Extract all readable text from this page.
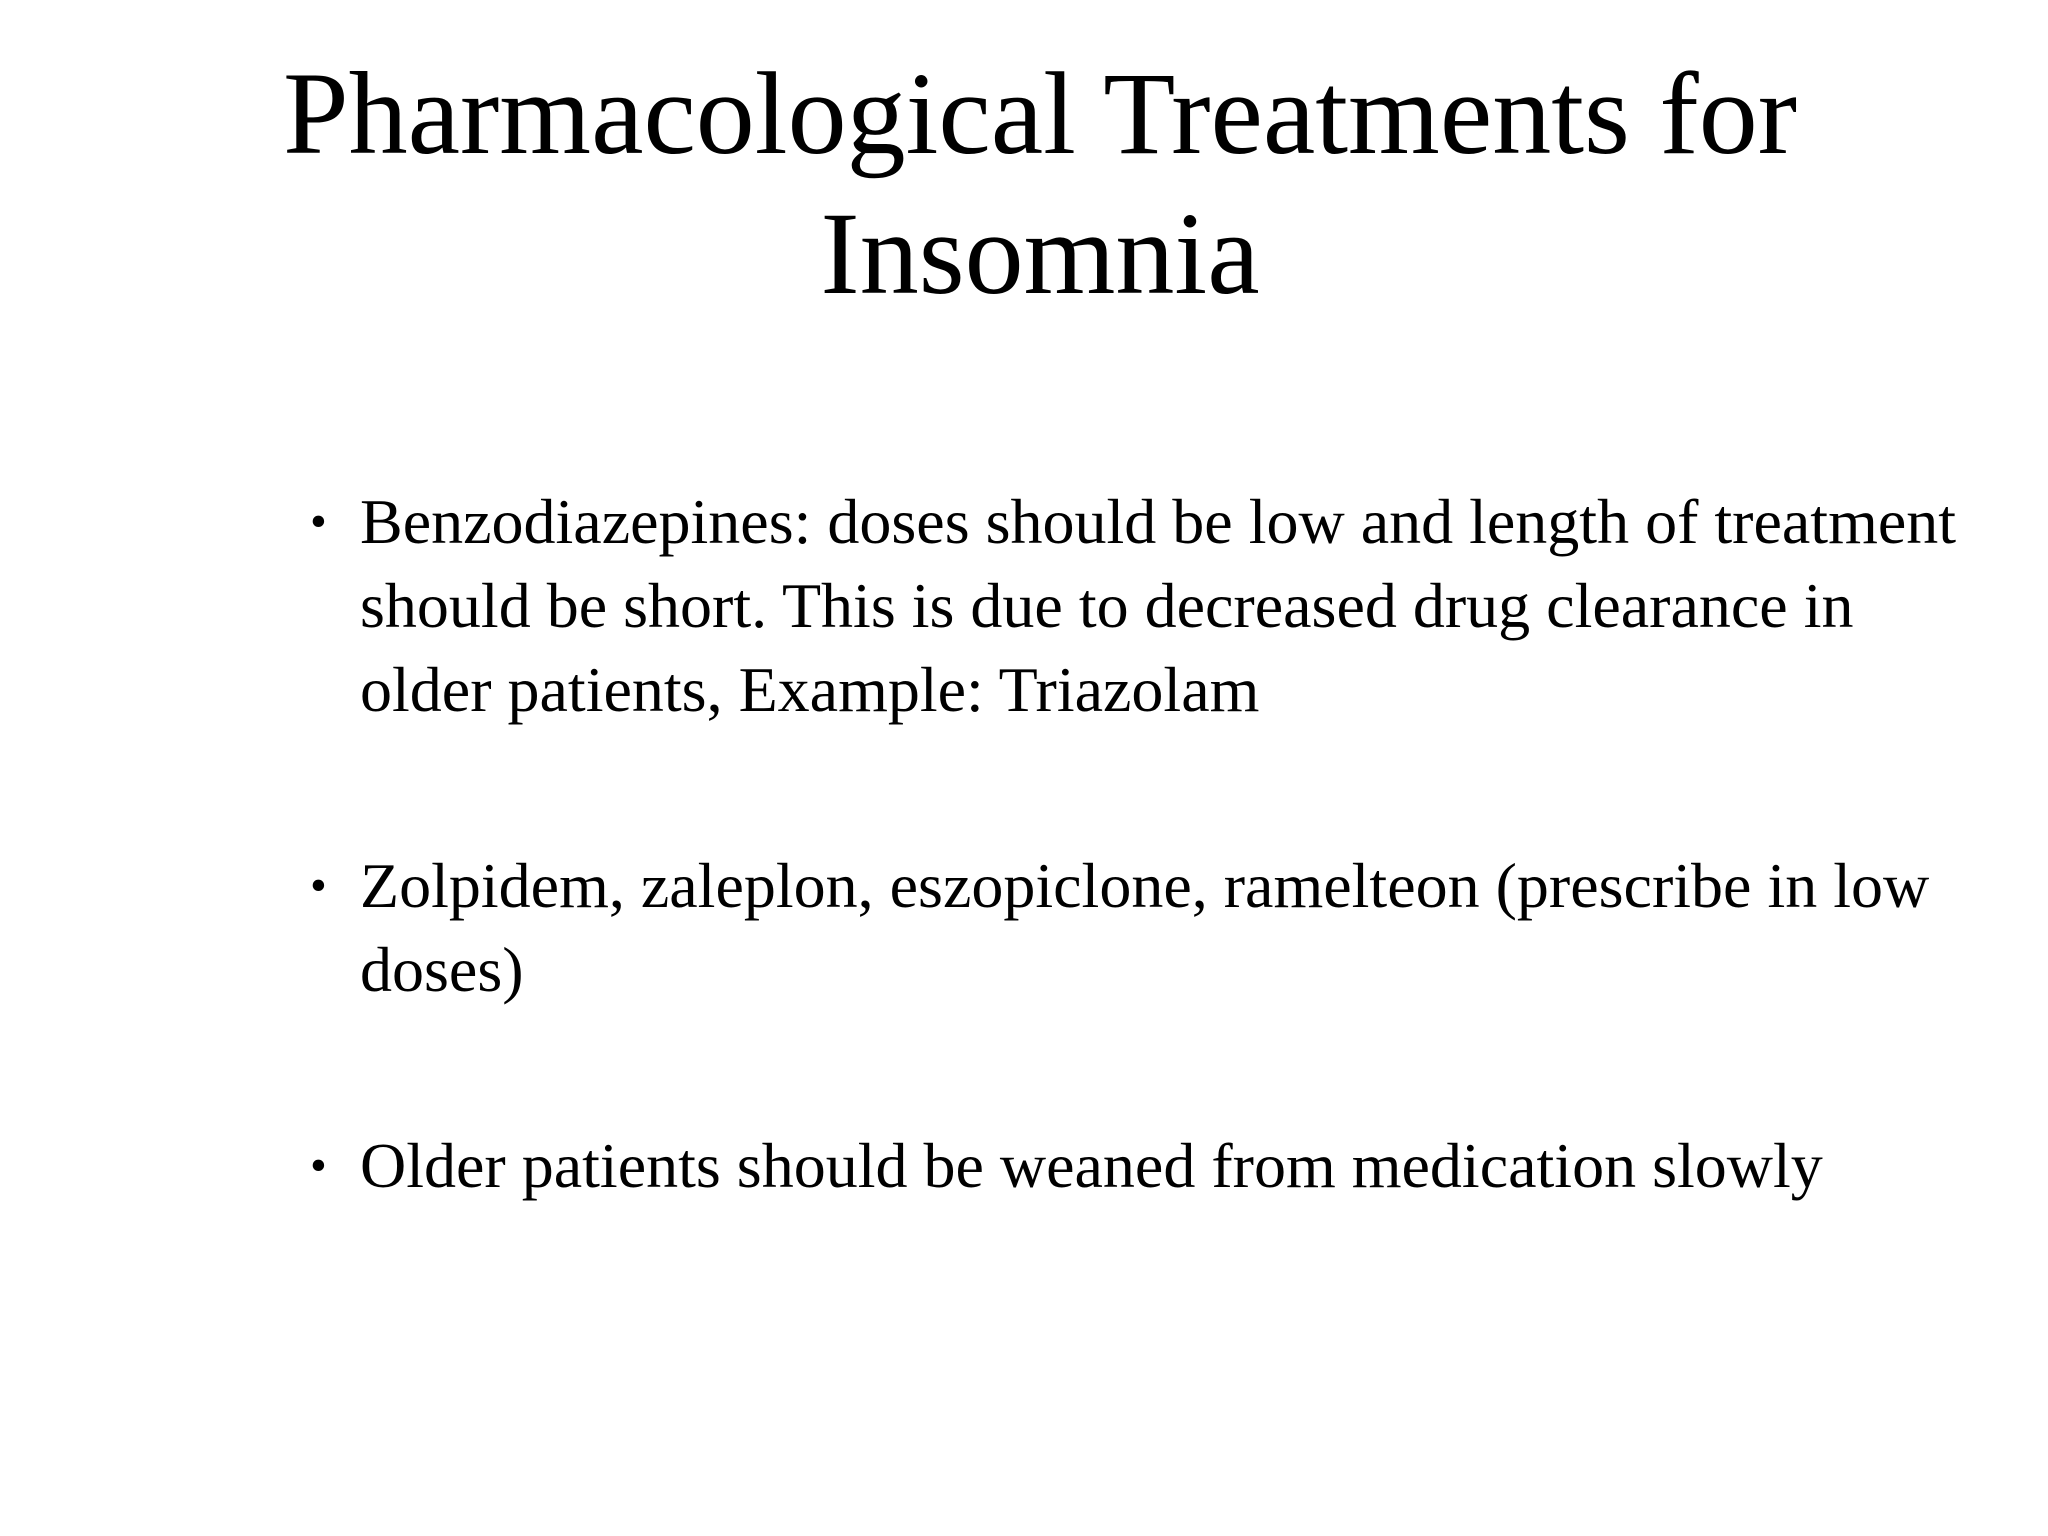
Pharmacological Treatments for
Insomnia
• Benzodiazepines: doses should be low and length of treatment should be short. This is due to decreased drug clearance in older patients, Example: Triazolam
• Zolpidem, zaleplon, eszopiclone, ramelteon (prescribe in low doses)
• Older patients should be weaned from medication slowly
